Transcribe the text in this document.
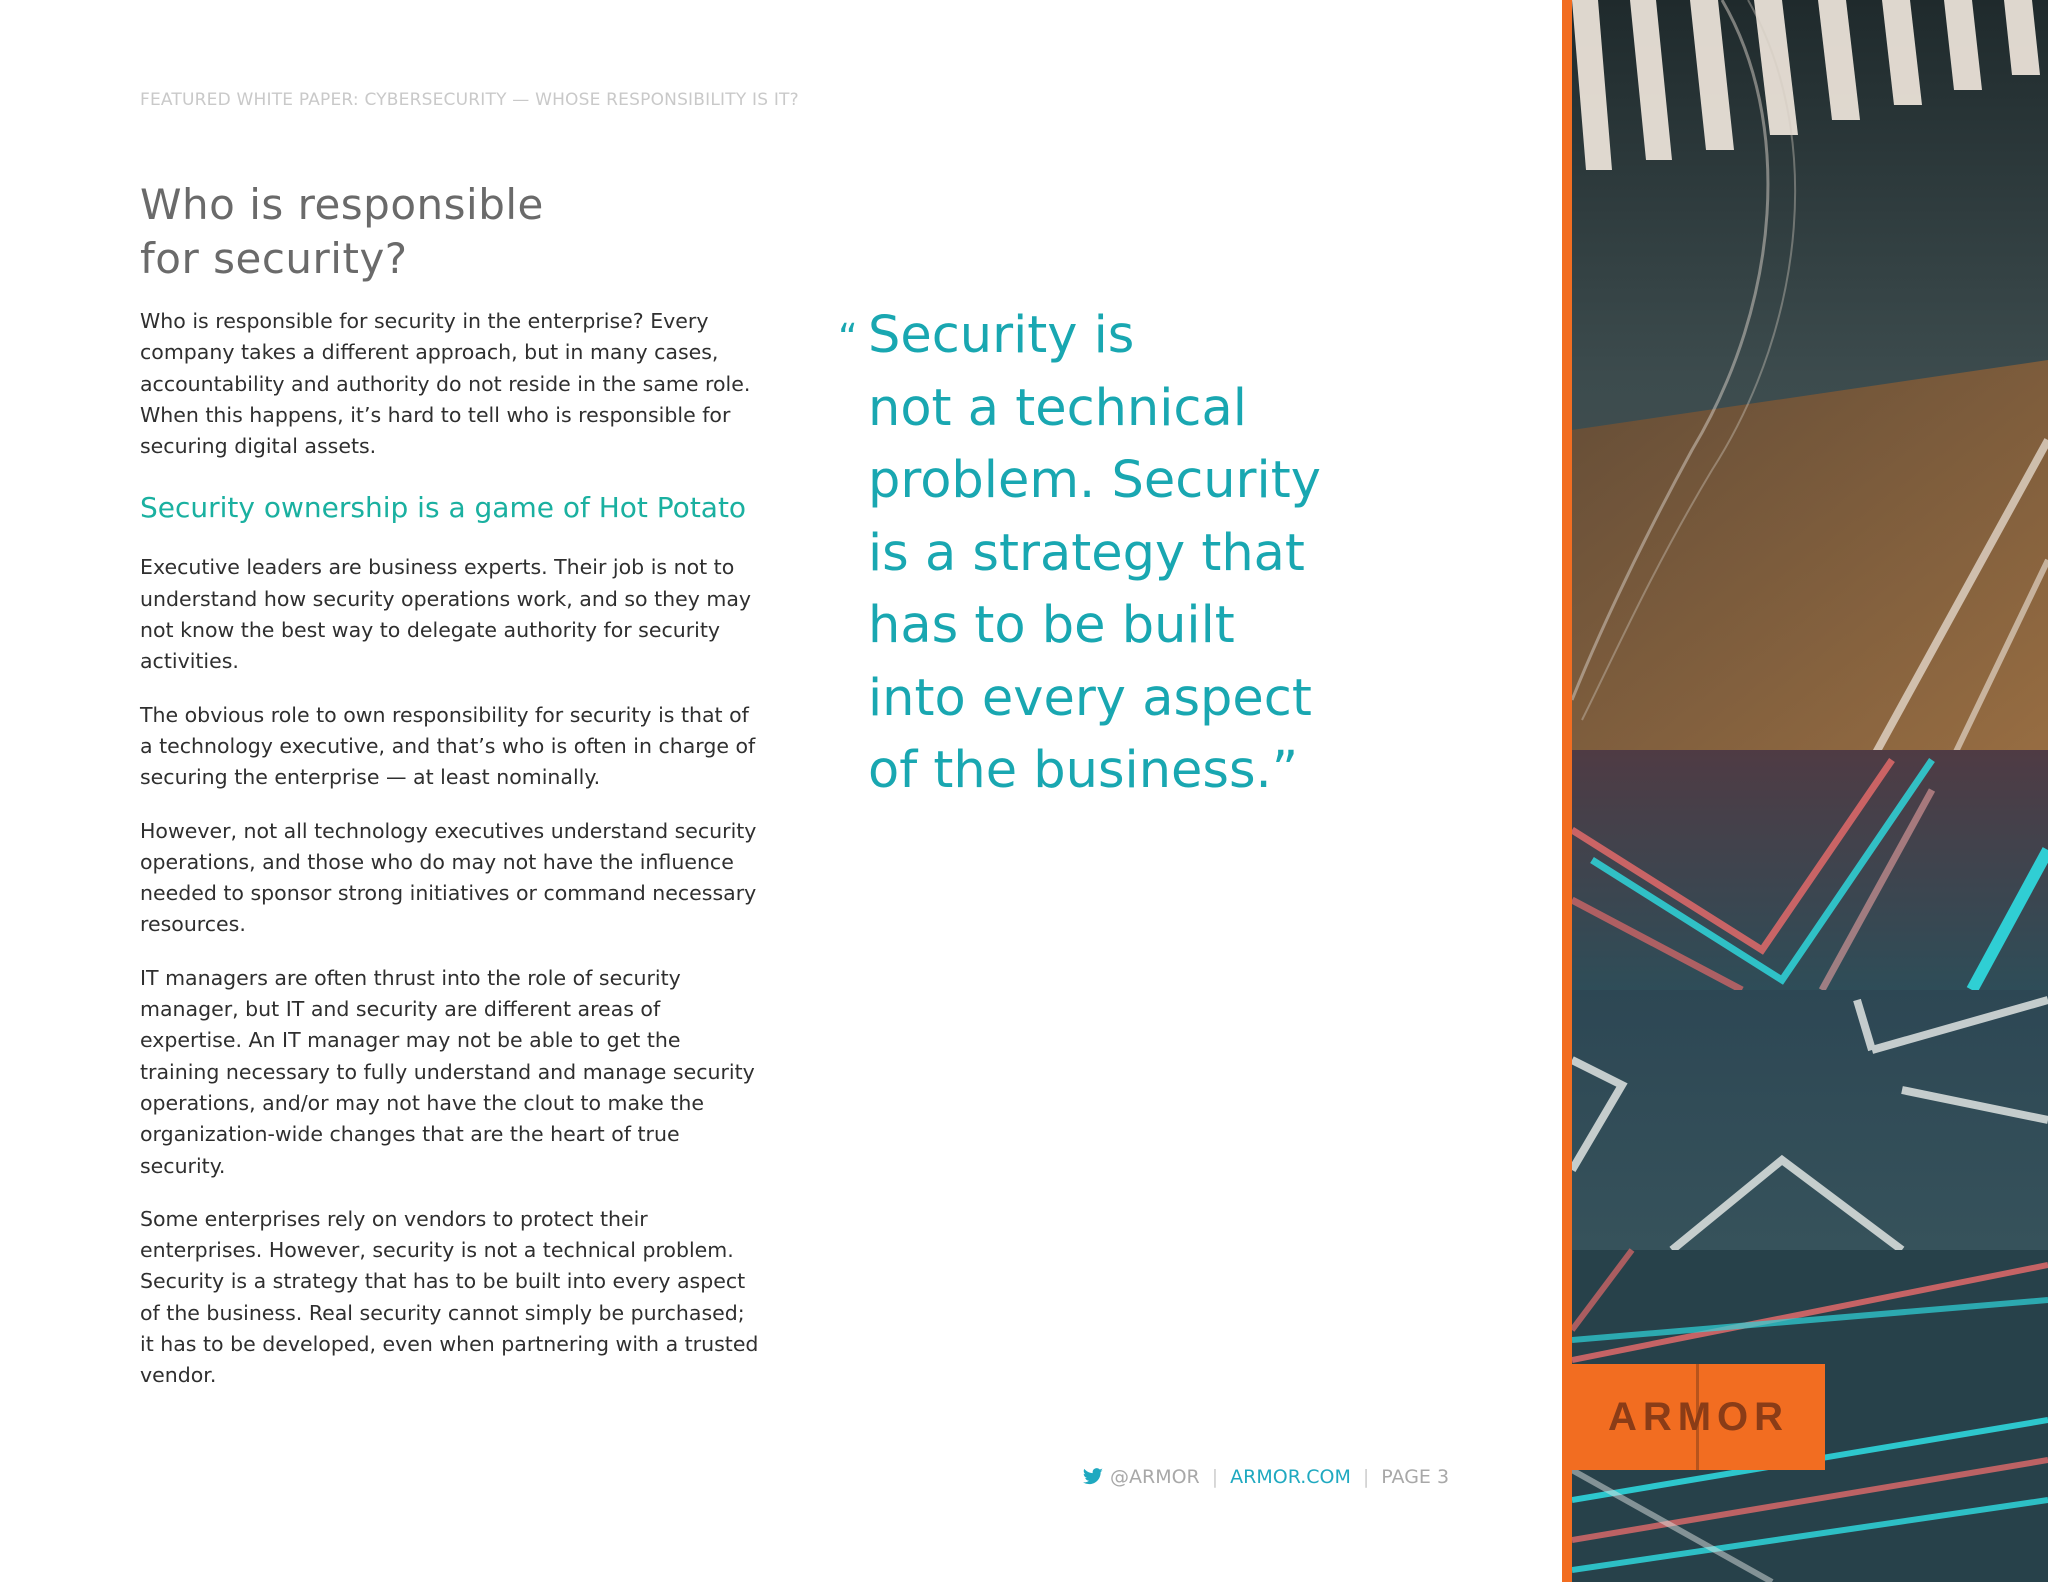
FEATURED WHITE PAPER: CYBERSECURITY — WHOSE RESPONSIBILITY IS IT?
Who is responsible
for security?

Who is responsible for security in the enterprise? Every company takes a different approach, but in many cases, accountability and authority do not reside in the same role. When this happens, it’s hard to tell who is responsible for securing digital assets.

Security ownership is a game of Hot Potato

Executive leaders are business experts. Their job is not to understand how security operations work, and so they may not know the best way to delegate authority for security activities.

The obvious role to own responsibility for security is that of a technology executive, and that’s who is often in charge of securing the enterprise — at least nominally.

However, not all technology executives understand security operations, and those who do may not have the influence needed to sponsor strong initiatives or command necessary resources.

IT managers are often thrust into the role of security manager, but IT and security are different areas of expertise. An IT manager may not be able to get the training necessary to fully understand and manage security operations, and/or may not have the clout to make the organization-wide changes that are the heart of true security.

Some enterprises rely on vendors to protect their enterprises. However, security is not a technical problem. Security is a strategy that has to be built into every aspect of the business. Real security cannot simply be purchased; it has to be developed, even when partnering with a trusted vendor.

“ Security is
not a technical
problem. Security
is a strategy that
has to be built
into every aspect
of the business.”
@ARMOR | ARMOR.COM | PAGE 3
ARMOR
